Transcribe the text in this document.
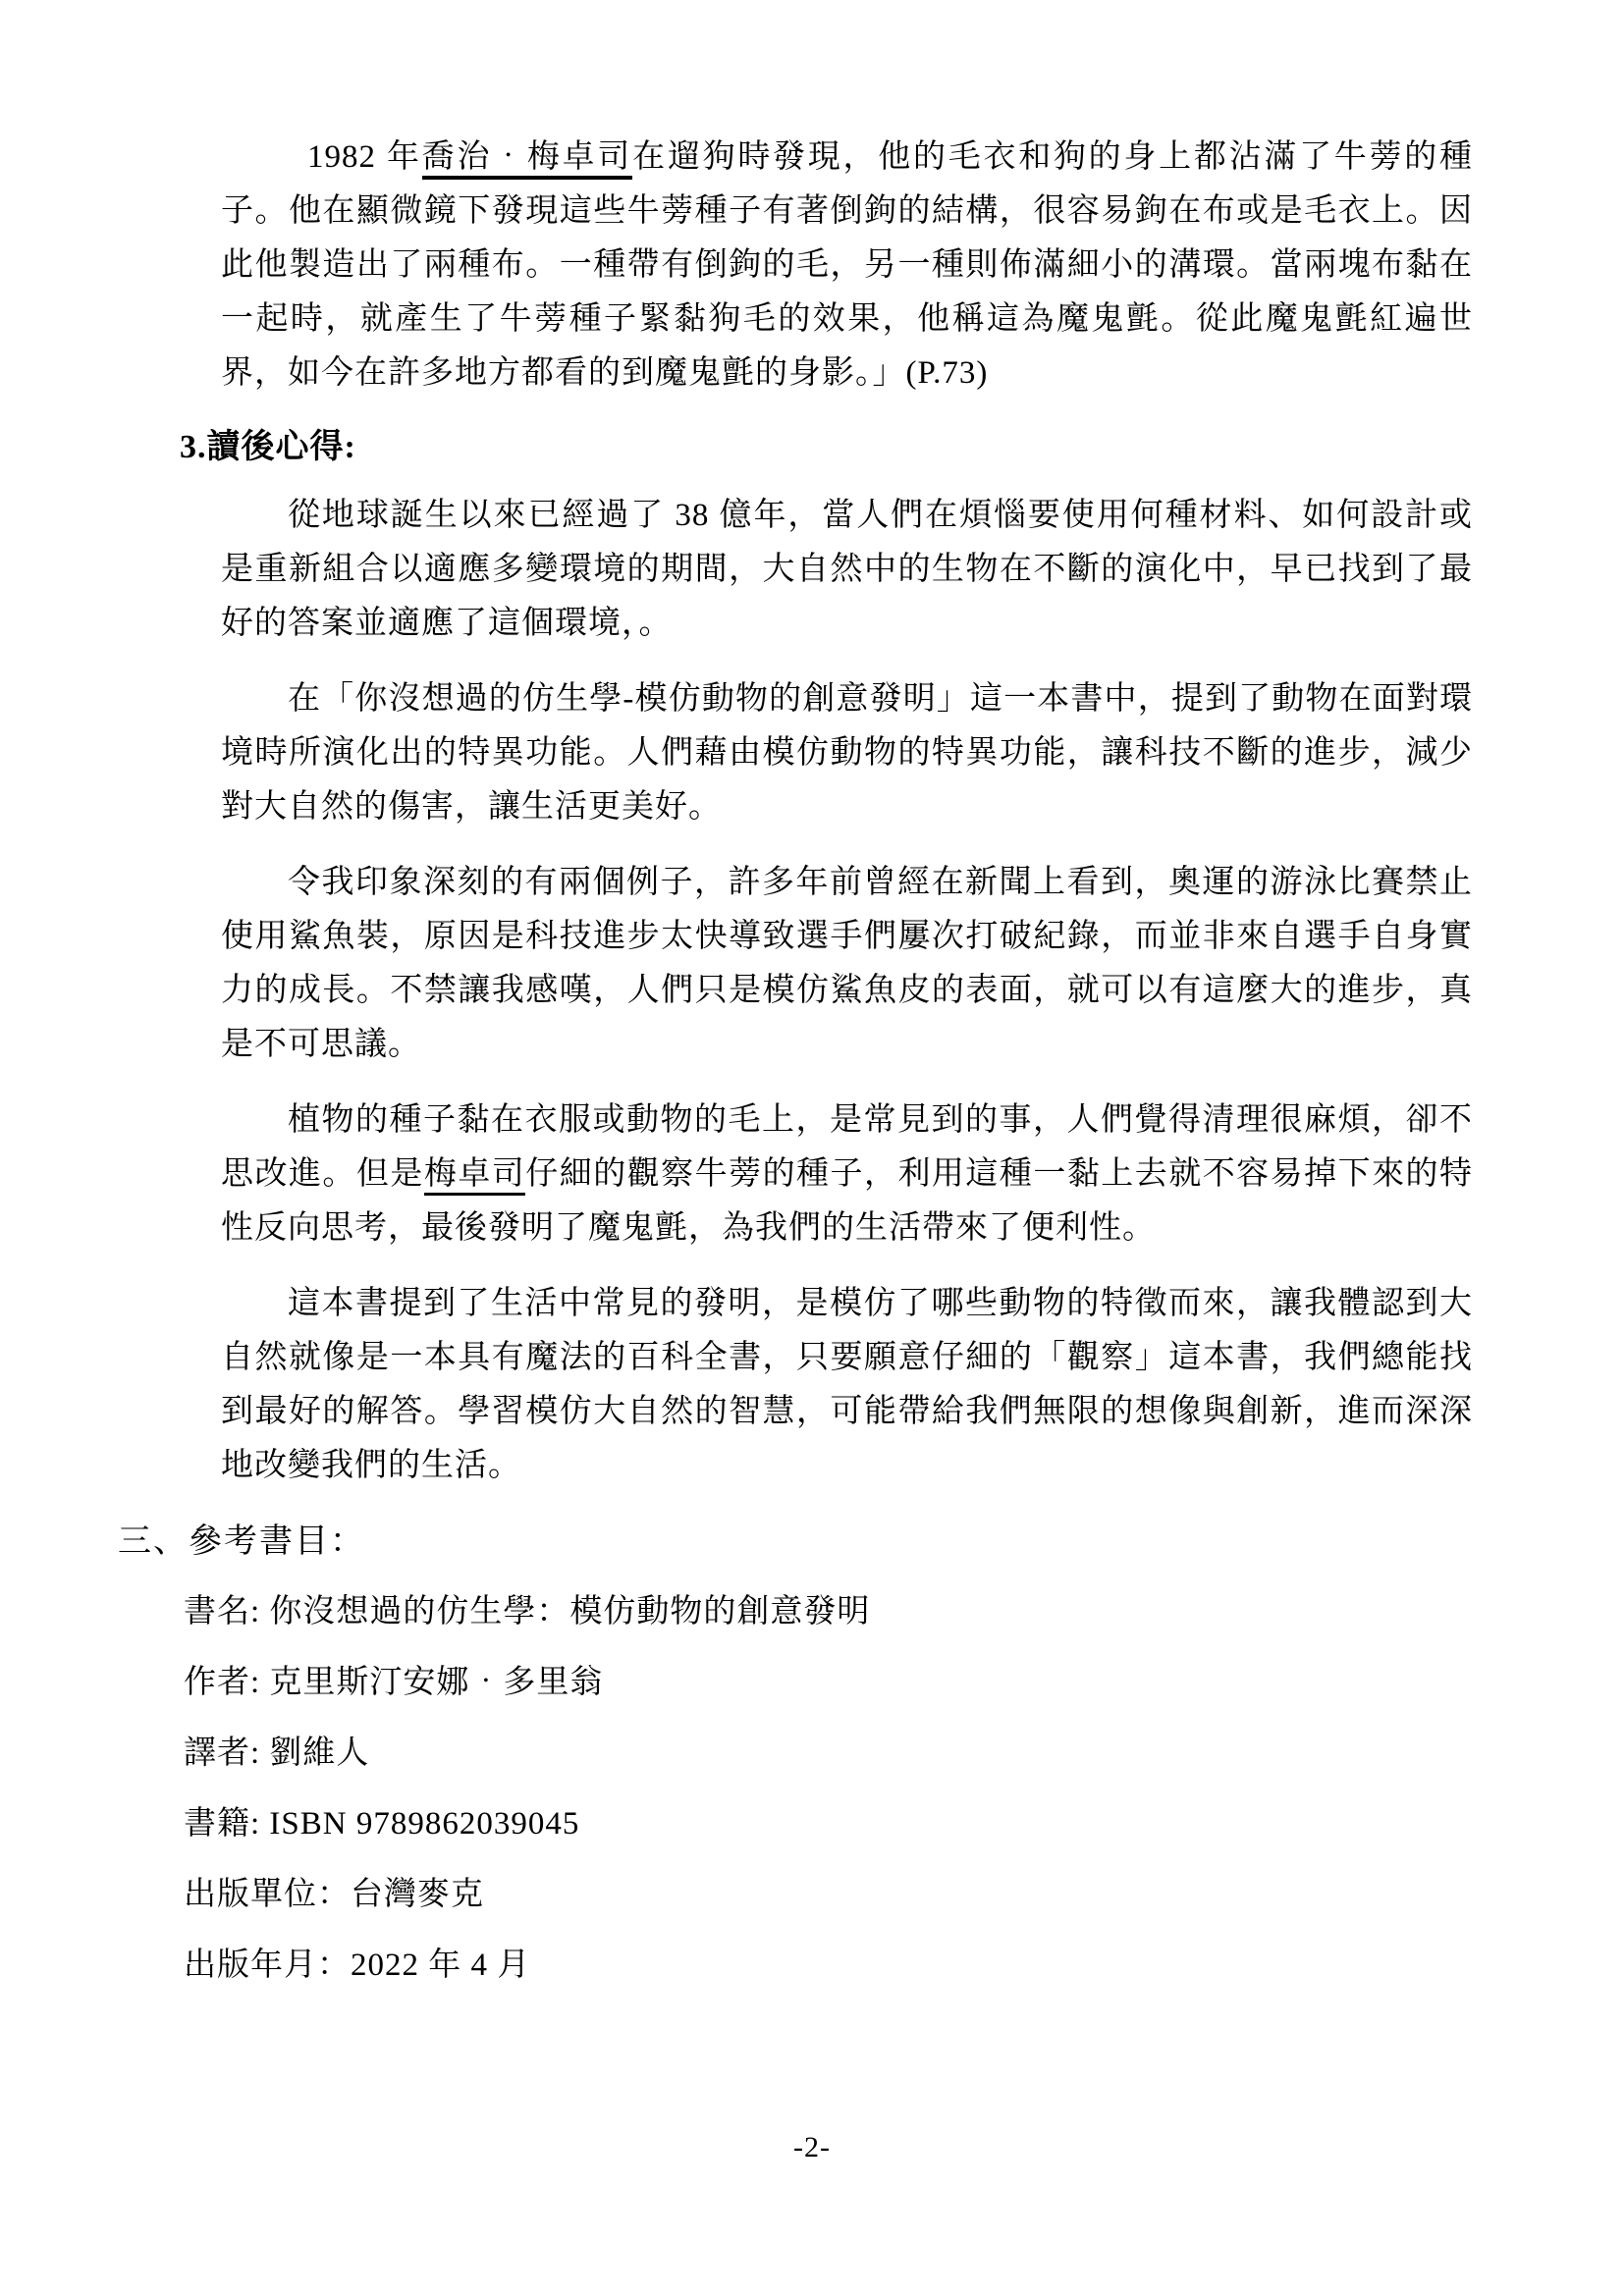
1982 年喬治‧梅卓司在遛狗時發現，他的毛衣和狗的身上都沾滿了牛蒡的種子。他在顯微鏡下發現這些牛蒡種子有著倒鉤的結構，很容易鉤在布或是毛衣上。因此他製造出了兩種布。一種帶有倒鉤的毛，另一種則佈滿細小的溝環。當兩塊布黏在一起時，就產生了牛蒡種子緊黏狗毛的效果，他稱這為魔鬼氈。從此魔鬼氈紅遍世界，如今在許多地方都看的到魔鬼氈的身影。」(P.73)

3.讀後心得:

從地球誕生以來已經過了 38 億年，當人們在煩惱要使用何種材料、如何設計或是重新組合以適應多變環境的期間，大自然中的生物在不斷的演化中，早已找到了最好的答案並適應了這個環境，。

在「你沒想過的仿生學-模仿動物的創意發明」這一本書中，提到了動物在面對環境時所演化出的特異功能。人們藉由模仿動物的特異功能，讓科技不斷的進步，減少對大自然的傷害，讓生活更美好。

令我印象深刻的有兩個例子，許多年前曾經在新聞上看到，奧運的游泳比賽禁止使用鯊魚裝，原因是科技進步太快導致選手們屢次打破紀錄，而並非來自選手自身實力的成長。不禁讓我感嘆，人們只是模仿鯊魚皮的表面，就可以有這麼大的進步，真是不可思議。

植物的種子黏在衣服或動物的毛上，是常見到的事，人們覺得清理很麻煩，卻不思改進。但是梅卓司仔細的觀察牛蒡的種子，利用這種一黏上去就不容易掉下來的特性反向思考，最後發明了魔鬼氈，為我們的生活帶來了便利性。

這本書提到了生活中常見的發明，是模仿了哪些動物的特徵而來，讓我體認到大自然就像是一本具有魔法的百科全書，只要願意仔細的「觀察」這本書，我們總能找到最好的解答。學習模仿大自然的智慧，可能帶給我們無限的想像與創新，進而深深地改變我們的生活。

三、參考書目：

書名: 你沒想過的仿生學：模仿動物的創意發明

作者: 克里斯汀安娜‧多里翁

譯者: 劉維人

書籍: ISBN 9789862039045

出版單位：台灣麥克

出版年月：2022 年 4 月

-2-
